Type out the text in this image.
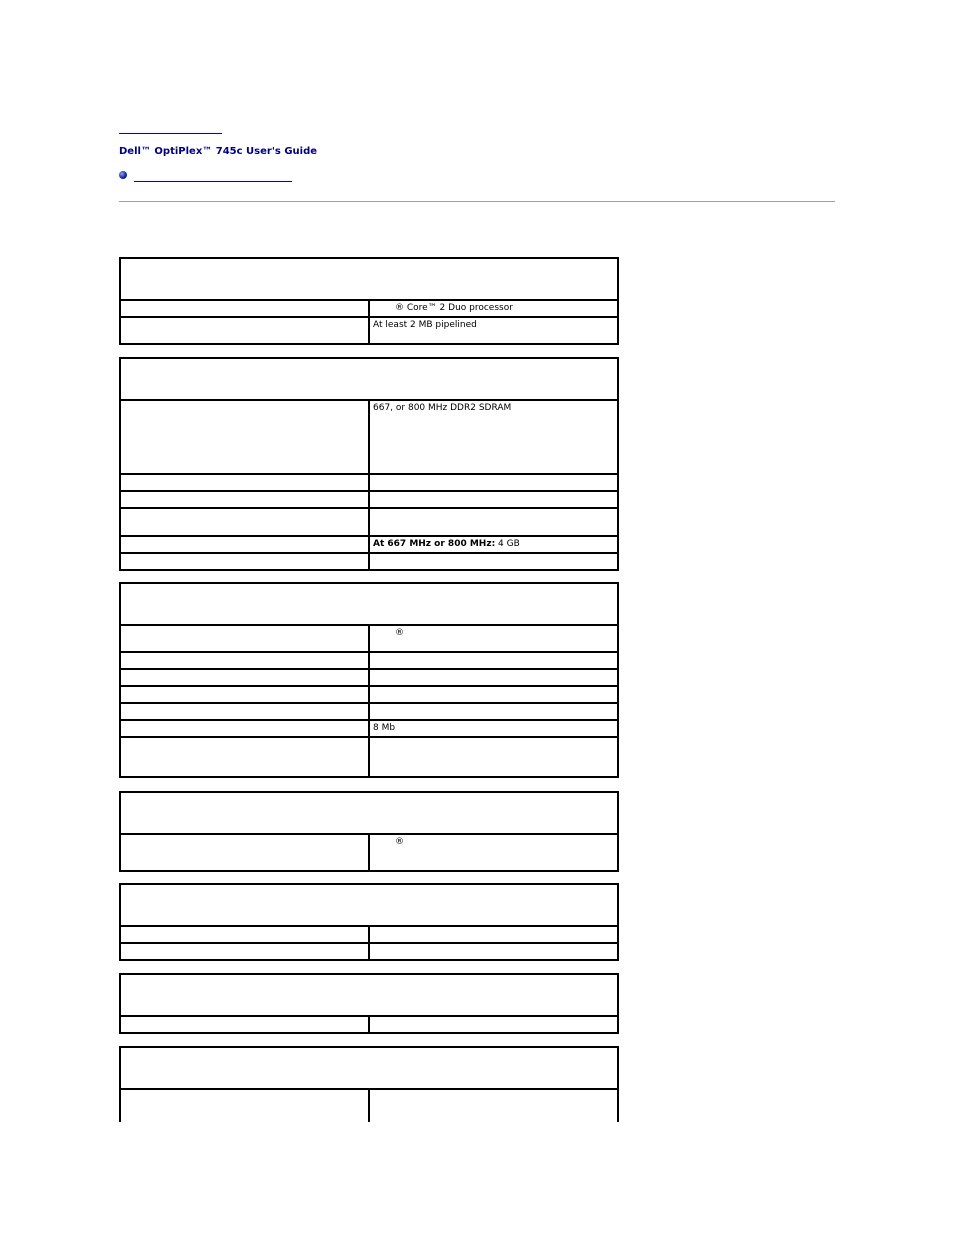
Dell™ OptiPlex™ 745c User's Guide

	® Core™ 2 Duo processor
	At least 2 MB pipelined

	667, or 800 MHz DDR2 SDRAM

	At 667 MHz or 800 MHz: 4 GB

	®

	8 Mb

	®
